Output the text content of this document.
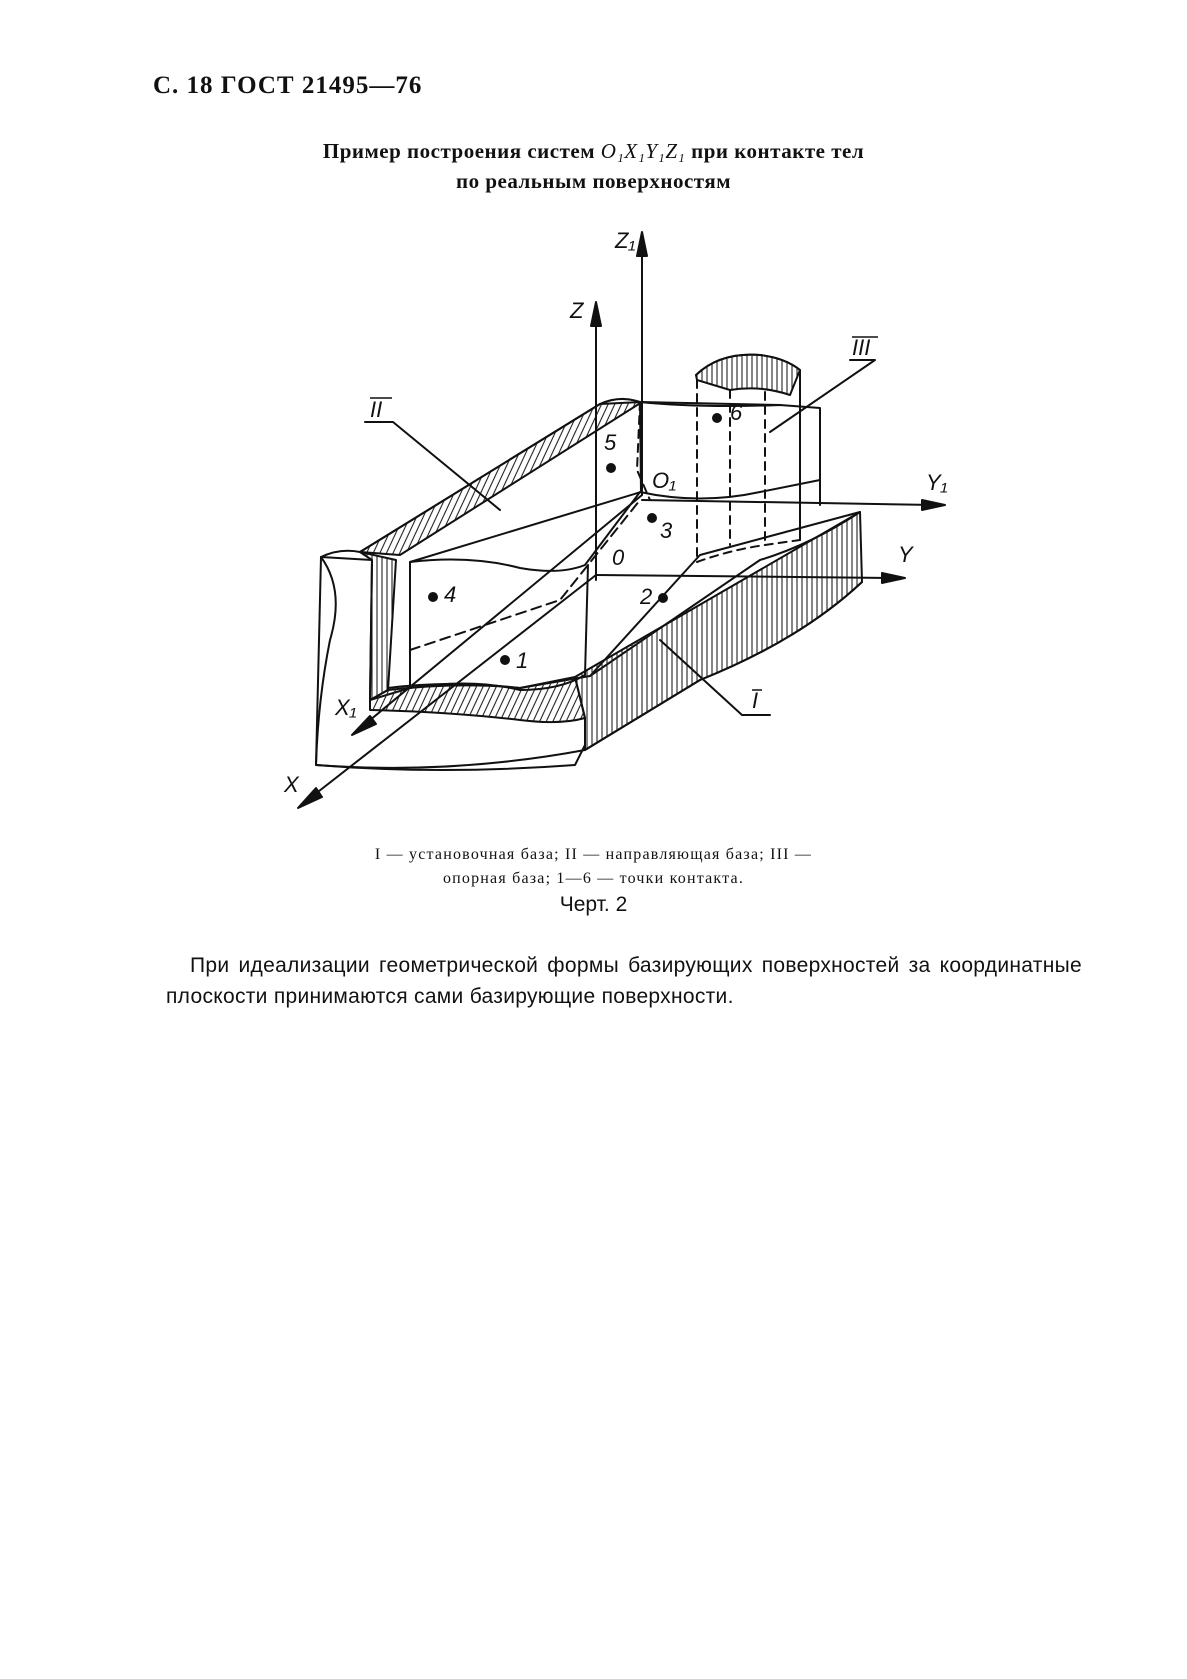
С. 18 ГОСТ 21495—76
Пример построения систем O₁X₁Y₁Z₁ при контакте тел
по реальным поверхностям
Z₁
Z
Y₁
Y
X₁
X
O₁
0
1
2
3
4
5
6
II
III
I
I — установочная база; II — направляющая база; III —
опорная база; 1—6 — точки контакта.
Черт. 2
При идеализации геометрической формы базирующих поверхностей за координатные плоскости принимаются сами базирующие поверхности.
